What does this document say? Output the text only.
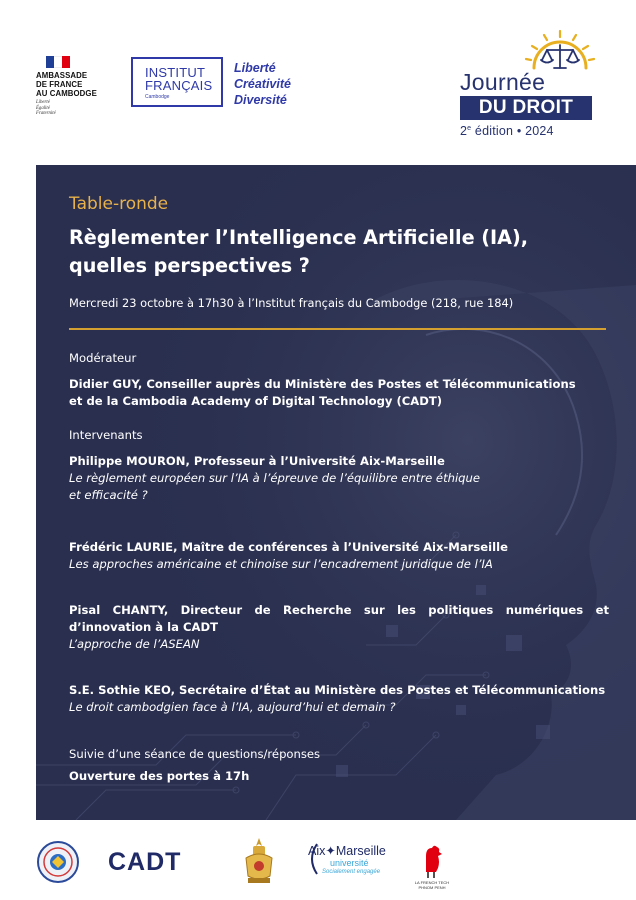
AMBASSADE
DE FRANCE
AU CAMBODGE
Liberté
Égalité
Fraternité
INSTITUT
FRANÇAIS
Cambodge
Liberté
Créativité
Diversité
Journée
DU DROIT
2e édition • 2024
Table-ronde
Règlementer l’Intelligence Artificielle (IA),
quelles perspectives ?
Mercredi 23 octobre à 17h30 à l’Institut français du Cambodge (218, rue 184)
Modérateur
Didier GUY, Conseiller auprès du Ministère des Postes et Télécommunications
et de la Cambodia Academy of Digital Technology (CADT)
Intervenants
Philippe MOURON, Professeur à l’Université Aix-Marseille
Le règlement européen sur l’IA à l’épreuve de l’équilibre entre éthique
et efficacité ?
Frédéric LAURIE, Maître de conférences à l’Université Aix-Marseille
Les approches américaine et chinoise sur l’encadrement juridique de l’IA
Pisal CHANTY, Directeur de Recherche sur les politiques numériques et d’innovation à la CADT
L’approche de l’ASEAN
S.E. Sothie KEO, Secrétaire d’État au Ministère des Postes et Télécommunications
Le droit cambodgien face à l’IA, aujourd’hui et demain ?
Suivie d’une séance de questions/réponses
Ouverture des portes à 17h
CADT	Aix✦Marseille
université
Socialement engagée
LA FRENCH TECH PHNOM PENH
